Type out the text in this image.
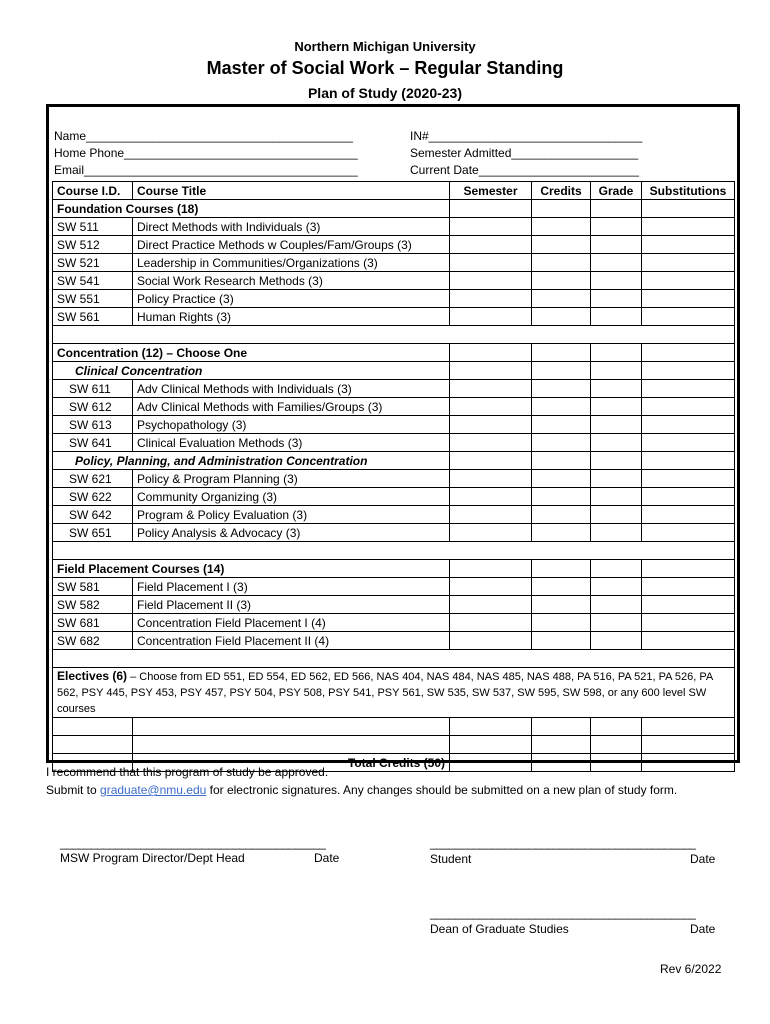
Northern Michigan University
Master of Social Work – Regular Standing
Plan of Study (2020-23)
Name________________________________________
Home Phone___________________________________
Email_________________________________________
IN#________________________________
Semester Admitted___________________
Current Date________________________
Course I.D.	Course Title	Semester	Credits	Grade	Substitutions
Foundation Courses (18)					
SW 511	Direct Methods with Individuals (3)				
SW 512	Direct Practice Methods w Couples/Fam/Groups (3)				
SW 521	Leadership in Communities/Organizations (3)				
SW 541	Social Work Research Methods (3)				
SW 551	Policy Practice (3)				
SW 561	Human Rights (3)				

Concentration (12) – Choose One					
Clinical Concentration					
SW 611	Adv Clinical Methods with Individuals (3)				
SW 612	Adv Clinical Methods with Families/Groups (3)				
SW 613	Psychopathology (3)				
SW 641	Clinical Evaluation Methods (3)				
Policy, Planning, and Administration Concentration					
SW 621	Policy & Program Planning (3)				
SW 622	Community Organizing (3)				
SW 642	Program & Policy Evaluation (3)				
SW 651	Policy Analysis & Advocacy (3)				

Field Placement Courses (14)					
SW 581	Field Placement I (3)				
SW 582	Field Placement II (3)				
SW 681	Concentration Field Placement I (4)				
SW 682	Concentration Field Placement II (4)				

Electives (6) – Choose from ED 551, ED 554, ED 562, ED 566, NAS 404, NAS 484, NAS 485, NAS 488, PA 516, PA 521, PA 526, PA 562, PSY 445, PSY 453, PSY 457, PSY 504, PSY 508, PSY 541, PSY 561, SW 535, SW 537, SW 595, SW 598, or any 600 level SW courses					

	Total Credits (50)				
I recommend that this program of study be approved.
Submit to graduate@nmu.edu for electronic signatures. Any changes should be submitted on a new plan of study form.
___________________________________________
MSW Program Director/Dept Head	Date
___________________________________________
Student	Date
___________________________________________
Dean of Graduate Studies	Date
Rev 6/2022
